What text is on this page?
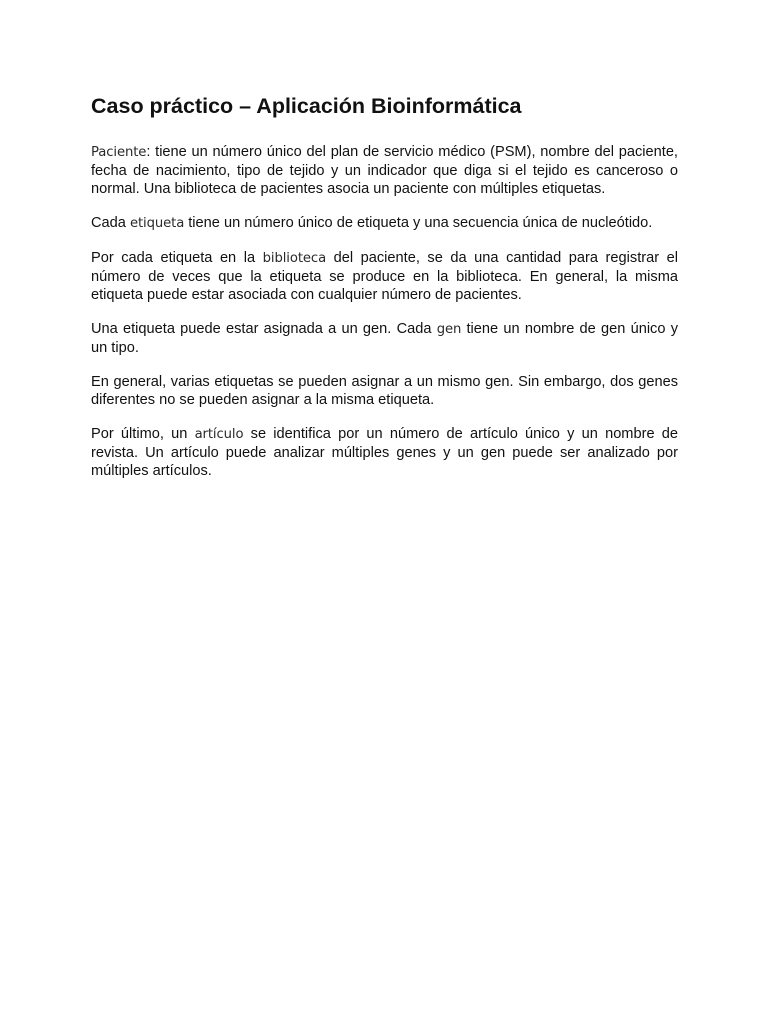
Caso práctico – Aplicación Bioinformática

Paciente: tiene un número único del plan de servicio médico (PSM), nombre del paciente, fecha de nacimiento, tipo de tejido y un indicador que diga si el tejido es canceroso o normal. Una biblioteca de pacientes asocia un paciente con múltiples etiquetas.

Cada etiqueta tiene un número único de etiqueta y una secuencia única de nucleótido.

Por cada etiqueta en la biblioteca del paciente, se da una cantidad para registrar el número de veces que la etiqueta se produce en la biblioteca. En general, la misma etiqueta puede estar asociada con cualquier número de pacientes.

Una etiqueta puede estar asignada a un gen. Cada gen tiene un nombre de gen único y un tipo.

En general, varias etiquetas se pueden asignar a un mismo gen. Sin embargo, dos genes diferentes no se pueden asignar a la misma etiqueta.

Por último, un artículo se identifica por un número de artículo único y un nombre de revista. Un artículo puede analizar múltiples genes y un gen puede ser analizado por múltiples artículos.
